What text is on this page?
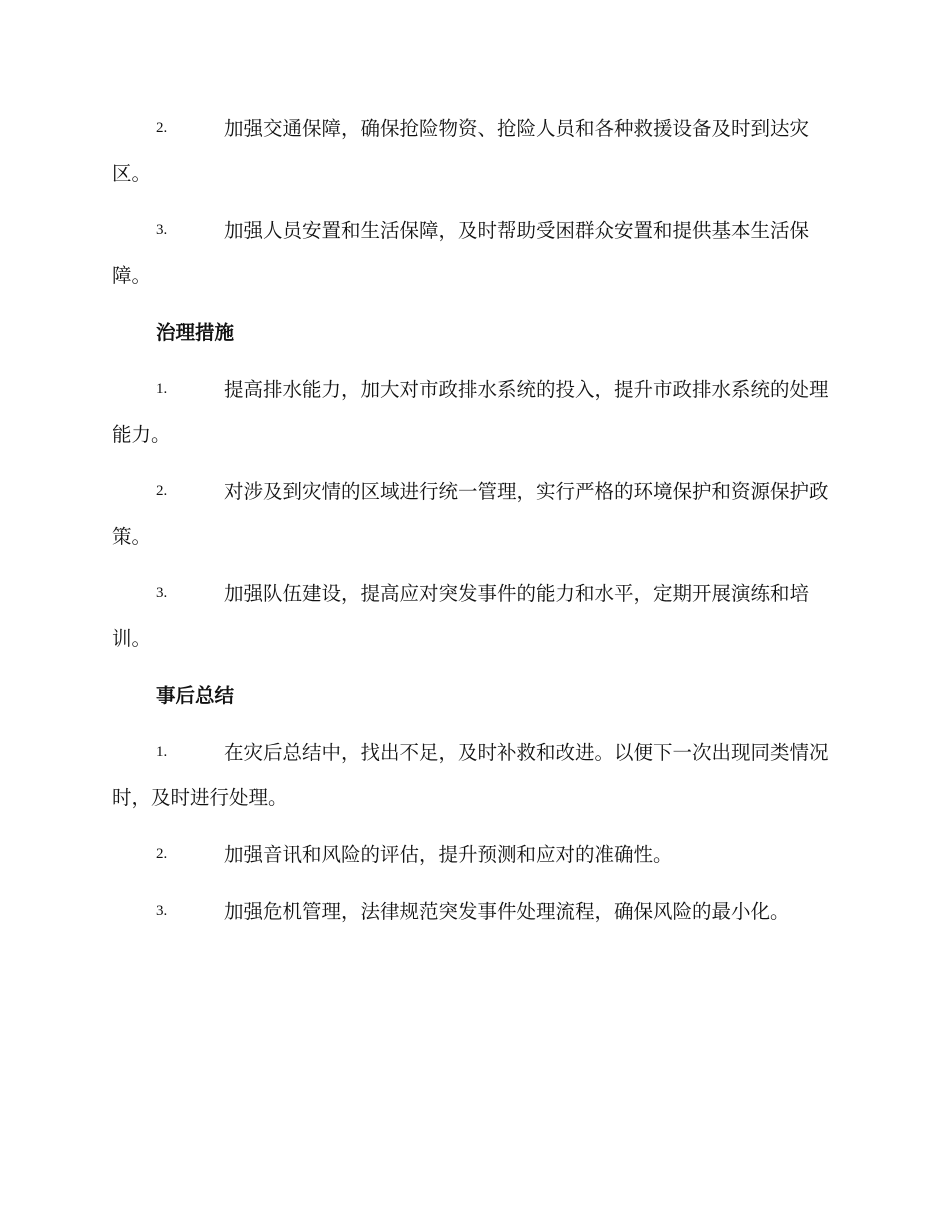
2.	加强交通保障，确保抢险物资、抢险人员和各种救援设备及时到达灾区。
3.	加强人员安置和生活保障，及时帮助受困群众安置和提供基本生活保障。
治理措施
1.	提高排水能力，加大对市政排水系统的投入，提升市政排水系统的处理能力。
2.	对涉及到灾情的区域进行统一管理，实行严格的环境保护和资源保护政策。
3.	加强队伍建设，提高应对突发事件的能力和水平，定期开展演练和培训。
事后总结
1.	在灾后总结中，找出不足，及时补救和改进。以便下一次出现同类情况时，及时进行处理。
2.	加强音讯和风险的评估，提升预测和应对的准确性。
3.	加强危机管理，法律规范突发事件处理流程，确保风险的最小化。
